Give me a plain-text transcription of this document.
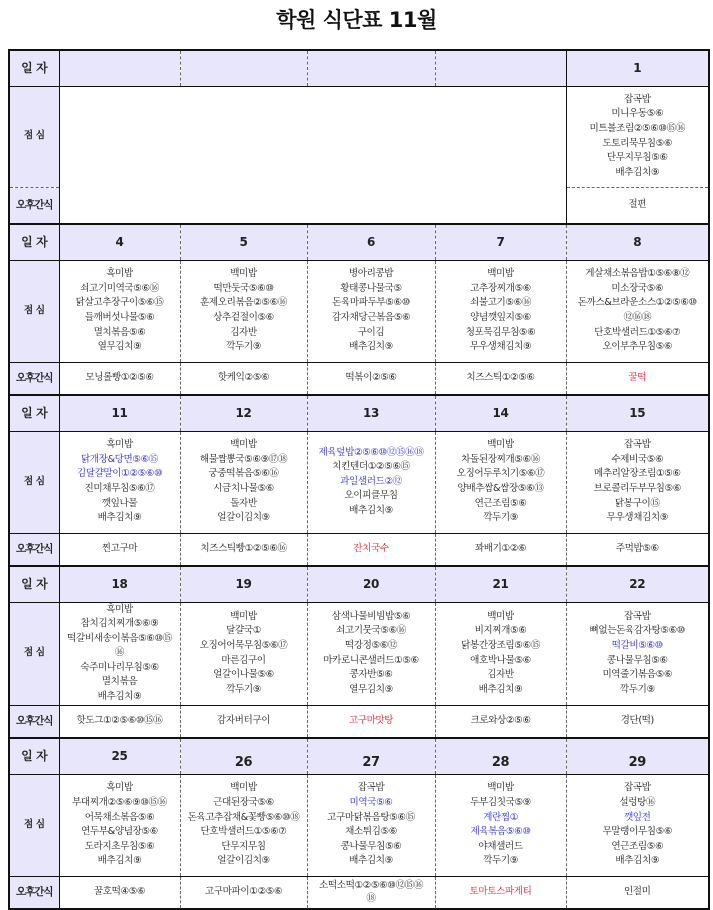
학원 식단표 11월
일 자					1
점 심		
잡곡밥
미니우동⑤⑥
미트볼조림②⑤⑥⑩⑮⑯
도토리묵무침⑤⑥
단무지무침⑤⑥
배추김치⑨

오후간식					절편

일 자	4	5	6	7	8
점 심	
흑미밥
쇠고기미역국⑤⑥⑯
닭살고추장구이⑤⑥⑮
들깨버섯나물⑤⑥
멸치볶음⑤⑥
열무김치⑨

백미밥
떡만둣국⑤⑥⑩
훈제오리볶음②⑤⑥⑯
상추겉절이⑤⑥
김자반
깍두기⑨

병아리콩밥
황태콩나물국⑤
돈육마파두부⑤⑥⑩
감자채당근볶음⑤⑥
구이김
배추김치⑨

백미밥
고추장찌개⑤⑥
쇠불고기⑤⑥⑯
양념깻잎지⑤⑥
청포묵김무침⑤⑥
무우생채김치⑨

게살채소볶음밥①⑤⑥⑧⑫
미소장국⑤⑥
돈까스&브라운소스①②⑤⑥⑩
⑫⑯⑱
단호박샐러드①⑤⑥⑦
오이부추무침⑤⑥

오후간식	모닝롤빵①②⑤⑥	핫케익②⑤⑥	떡볶이②⑤⑥	치즈스틱①②⑤⑥	꿀떡

일 자	11	12	13	14	15
점 심	
흑미밥
닭개장&당면⑤⑥⑮
김달걀말이①②⑤⑥⑩
진미채무침⑤⑥⑰
깻잎나물
배추김치⑨

백미밥
해물짬뽕국⑤⑥⑨⑰⑱
궁중떡볶음⑤⑥⑯
시금치나물⑤⑥
돌자반
얼갈이김치⑨

제육덮밥②⑤⑥⑩⑫⑮⑯⑱
치킨텐더①②⑤⑥⑮
과일샐러드②⑫
오이피클무침
배추김치⑨

백미밥
차돌된장찌개⑤⑥⑯
오징어두루치기⑤⑥⑰
양배추쌈&쌈장⑤⑥⑬
연근조림⑤⑥
깍두기⑨

잡곡밥
수제비국⑤⑥
메추리알장조림①⑤⑥
브로콜리두부무침⑤⑥
닭봉구이⑮
무우생채김치⑨

오후간식	찐고구마	치즈스틱빵①②⑤⑥⑯	잔치국수	꽈배기①②⑥	주먹밥⑤⑥

일 자	18	19	20	21	22
점 심	
흑미밥
참치김치찌개⑤⑥⑨
떡갈비새송이볶음⑤⑥⑩⑮
⑯
숙주미나리무침⑤⑥
멸치볶음
배추김치⑨

백미밥
달걀국①
오징어어묵무침⑤⑥⑰
마른김구이
얼갈이나물⑤⑥
깍두기⑨

삼색나물비빔밥⑤⑥
쇠고기뭇국⑤⑥⑯
떡강정⑤⑥⑫
마카로니콘샐러드①⑤⑥
콩자반⑤⑥
열무김치⑨

백미밥
비지찌개⑤⑥
닭봉간장조림⑤⑥⑮
애호박나물⑤⑥
김자반
배추김치⑨

잡곡밥
뼈없는돈육감자탕⑤⑥⑩
떡갈비⑤⑥⑩
콩나물무침⑤⑥
미역줄기볶음⑤⑥
깍두기⑨

오후간식	핫도그①②⑤⑥⑩⑮⑯	감자버터구이	고구마맛탕	크로와상②⑤⑥	경단(떡)

일 자	25	26	27	28	29
점 심	
흑미밥
부대찌개②⑤⑥⑨⑩⑮⑯
어묵채소볶음⑤⑥
연두부&양념장⑤⑥
도라지초무침⑤⑥
배추김치⑨

백미밥
근대된장국⑤⑥
돈육고추잡채&꽃빵⑤⑥⑩⑱
단호박샐러드①⑤⑥⑦
단무지무침
얼갈이김치⑨

잡곡밥
미역국⑤⑥
고구마닭볶음탕⑤⑥⑮
채소튀김⑤⑥
콩나물무침⑤⑥
배추김치⑨

백미밥
두부김칫국⑤⑨
계란찜①
제육볶음⑤⑥⑩
야채샐러드
깍두기⑨

잡곡밥
설렁탕⑯
깻잎전
무말랭이무침⑤⑥
연근조림⑤⑥
배추김치⑨

오후간식	꿀호떡④⑤⑥	고구마파이①②⑤⑥	소떡소떡①②⑤⑥⑩⑫⑮⑯
⑱	토마토스파게티	인절미
